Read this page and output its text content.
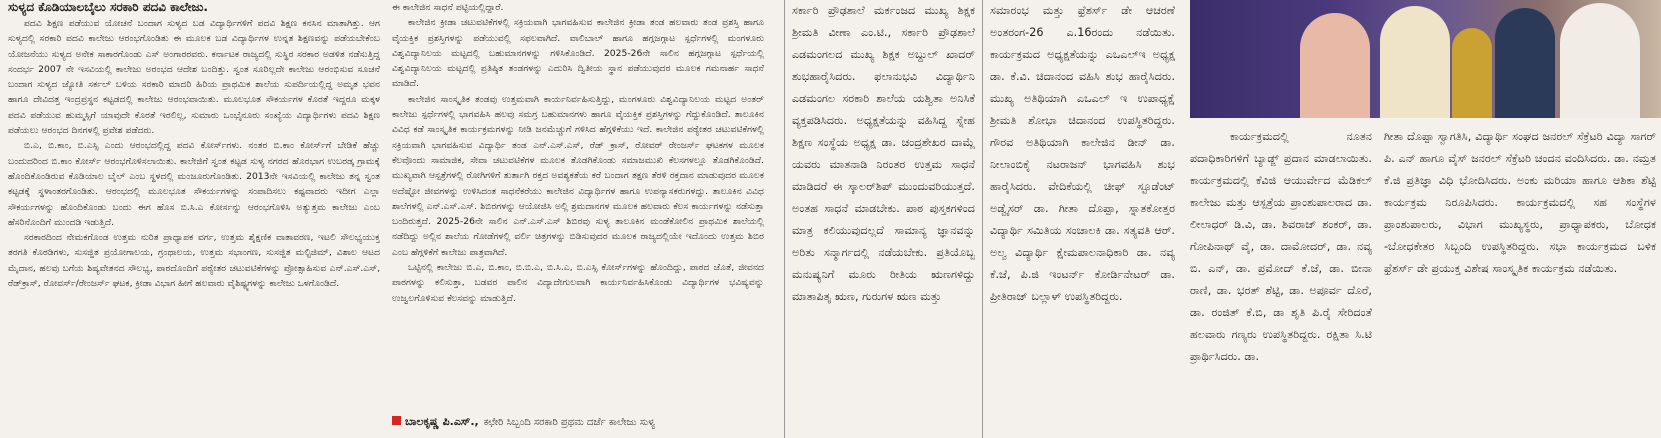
ಸುಳ್ಯದ ಕೊಡಿಯಾಲಬೈಲು ಸರಕಾರಿ ಪದವಿ ಕಾಲೇಜು.

ಪದವಿ ಶಿಕ್ಷಣ ಪಡೆಯುವ ಯೋಚನೆ ಬಂದಾಗ ಸುಳ್ಯದ ಬಡ ವಿದ್ಯಾರ್ಥಿಗಳಿಗೆ ಪದವಿ ಶಿಕ್ಷಣ ಕನಸಿನ ಮಾತಾಗಿತ್ತು. ಆಗ ಸುಳ್ಯದಲ್ಲಿ ಸರಕಾರಿ ಪದವಿ ಕಾಲೇಜು ಆರಂಭಗೊಂಡಿತು ಈ ಮೂಲಕ ಬಡ ವಿದ್ಯಾರ್ಥಿಗಳ ಉನ್ನತ ಶಿಕ್ಷಣವನ್ನು ಪಡೆಯಬೇಕೆಂಬ ಯೋಜನೆಯು ಸುಳ್ಯದ ಅನೇಕ ಸಾಕಾರಗೊಂಡು ಎಸ್ ಅಂಗಾರರವರು. ಕರ್ನಾಟಕ ರಾಜ್ಯದಲ್ಲಿ ಸುಸ್ಥಿರ ಸರಕಾರ ಅಡಳಿತ ನಡೆಸುತ್ತಿದ್ದ ಸಂದರ್ಭ 2007 ನೇ ಇಸವಿಯಲ್ಲಿ ಕಾಲೇಜು ಅರಂಭದ ಆದೇಶ ಬಂದಿತ್ತು. ಸ್ವಂತ ಸೂರಿಲ್ಲದೇ ಕಾಲೇಜು ಆರಂಭಿಸುವ ಸೂಚನೆ ಬಂದಾಗ ಸುಳ್ಯದ ಜ್ಯೋತಿ ಸರ್ಕಲ್ ಬಳಿಯ ಸರಕಾರಿ ಮಾದರಿ ಹಿರಿಯ ಪ್ರಾಥಮಿಕ ಶಾಲೆಯ ಸುಪರ್ದಿಯಲ್ಲಿದ್ದ ಅಮೃತ ಭವನ ಹಾಗೂ ದೇವಿದತ್ತ ಇಂದ್ರಪ್ರಸ್ಥನ ಕಟ್ಟಡದಲ್ಲಿ ಕಾಲೇಜು ಆರಂಭವಾಯಿತು. ಮೂಲಭೂತ ಸೌಕರ್ಯಗಳ ಕೊರತೆ ಇದ್ದರೂ ಮಕ್ಕಳ ಪದವಿ ಪಡೆಯುವ ಹುಮ್ಮಸ್ಸಿಗೆ ಯಾವುದೇ ಕೊರತೆ ಇರಲಿಲ್ಲ, ಸುಮಾರು ಒಂಭೈನೂರು ಸಂಖ್ಯೆಯ ವಿದ್ಯಾರ್ಥಿಗಳು ಪದವಿ ಶಿಕ್ಷಣ ಪಡೆಯಲು ಆರಂಭದ ದಿನಗಳಲ್ಲಿ ಪ್ರವೇಶ ಪಡೆದರು.

ಬಿ.ಎ, ಬಿ.ಕಾಂ, ಬಿ.ಎಸ್ಸಿ ಎಂದು ಆರಂಭದಲ್ಲಿದ್ದ ಪದವಿ ಕೋರ್ಸ್‌ಗಳು. ನಂತರ ಬಿ.ಕಾಂ ಕೋರ್ಸ್‌ಗೆ ಬೇಡಿಕೆ ಹೆಚ್ಚು ಬಂದುದರಿಂದ ಬಿ.ಕಾಂ ಕೋರ್ಸ್ ಆರಂಭಗೊಳಿಸಲಾಯಿತು. ಕಾಲೇಜಿಗೆ ಸ್ವಂತ ಕಟ್ಟಡ ಸುಳ್ಯ ನಗರದ ಹೊರಭಾಗ ಉಬರಡ್ಕ ಗ್ರಾಮಕ್ಕೆ ಹೊಂದಿಕೊಂಡಿರುವ ಕೊಡಿಯಾಲ ಬೈಲ್ ಎಂಬ ಸ್ಥಳದಲ್ಲಿ ಮಂಜೂರುಗೊಂಡಿತು. 2013ನೇ ಇಸವಿಯಲ್ಲಿ ಕಾಲೇಜು ತನ್ನ ಸ್ವಂತ ಕಟ್ಟಡಕ್ಕೆ ಸ್ಥಳಾಂತರಗೊಂಡಿತು. ಆರಂಭದಲ್ಲಿ ಮೂಲಭೂತ ಸೌಕರ್ಯಗಳನ್ನು ಸಂಪಾದಿಸಲು ಕಷ್ಟವಾದರು ಇದೀಗ ಎಲ್ಲಾ ಸೌಕರ್ಯಗಳನ್ನು ಹೊಂದಿಕೊಂಡು ಬಂದು ಈಗ ಹೊಸ ಬಿ.ಸಿ.ಎ ಕೋರ್ಸನ್ನು ಆರಂಭಗೊಳಿಸಿ ಅತ್ಯುತ್ತಮ ಕಾಲೇಜು ಎಂಬ ಹೆಸರಿನೊಂದಿಗೆ ಮುಂದಡಿ ಇಡುತ್ತಿದೆ.

ಸರಕಾರದಿಂದ ನೇಮಕಗೊಂಡ ಉತ್ತಮ ನುರಿತ ಪ್ರಾಧ್ಯಾಪಕ ವರ್ಗ, ಉತ್ತಮ ಶೈಕ್ಷಣಿಕ ವಾತಾವರಣ, ಇಟಲಿ ಸೌಲಭ್ಯಯುಕ್ತ ತರಗತಿ ಕೊಠಡಿಗಳು, ಸುಸಜ್ಜಿತ ಪ್ರಯೋಗಾಲಯ, ಗ್ರಂಥಾಲಯ, ಉತ್ತಮ ಸಭಾಂಗಣ, ಸುಸಜ್ಜಿತ ಮಲ್ಟಿಜಿಮ್, ವಿಶಾಲ ಆಟದ ಮೈದಾನ, ಹಲವು ಬಗೆಯ ಶಿಷ್ಯವೇತನದ ಸೌಲಭ್ಯ, ಪಾಠದೊಂದಿಗೆ ಪಠ್ಯೇತರ ಚಟುವಟಿಕೆಗಳನ್ನು ಪ್ರೋತ್ಸಾಹಿಸುವ ಎನ್.ಎಸ್.ಎಸ್, ರೆಡ್‌ಕ್ರಾಸ್, ರೋವರ್ಸ್/ರೇಂಜರ್ಸ್ ಘಟಕ, ಕ್ರೀಡಾ ವಿಭಾಗ ಹೀಗೆ ಹಲವಾರು ವೈಶಿಷ್ಟ್ಯಗಳನ್ನು ಕಾಲೇಜು ಒಳಗೊಂಡಿದೆ.

ಈ ಕಾಲೇಜಿನ ಸಾಧನೆ ಪಟ್ಟಿಯಲ್ಲಿದ್ದಾರೆ.

ಕಾಲೇಜಿನ ಕ್ರೀಡಾ ಚಟುವಟಿಕೆಗಳಲ್ಲಿ ಸಕ್ರಿಯವಾಗಿ ಭಾಗವಹಿಸುವ ಕಾಲೇಜಿನ ಕ್ರೀಡಾ ತಂಡ ಹಲವಾರು ತಂಡ ಪ್ರಶಸ್ತಿ ಹಾಗೂ ವೈಯಕ್ತಿಕ ಪ್ರಶಸ್ತಿಗಳನ್ನು ಪಡೆಯುವಲ್ಲಿ ಸಫಲವಾಗಿದೆ. ವಾಲಿಬಾಲ್ ಹಾಗೂ ಹಗ್ಗಜಗ್ಗಾಟ ಸ್ಪರ್ಧೆಗಳಲ್ಲಿ ಮಂಗಳೂರು ವಿಶ್ವವಿದ್ಯಾನಿಲಯ ಮಟ್ಟದಲ್ಲಿ ಬಹುಮಾನಗಳನ್ನು ಗಳಿಸಿಕೊಂಡಿದೆ. 2025-26ನೇ ಸಾಲಿನ ಹಗ್ಗಜಗ್ಗಾಟ ಸ್ಪರ್ಧೆಯಲ್ಲಿ ವಿಶ್ವವಿದ್ಯಾನಿಲಯ ಮಟ್ಟದಲ್ಲಿ ಪ್ರತಿಷ್ಠಿತ ತಂಡಗಳನ್ನು ಎದುರಿಸಿ ದ್ವಿತೀಯ ಸ್ಥಾನ ಪಡೆಯುವುದರ ಮೂಲಕ ಗಮನಾರ್ಹ ಸಾಧನೆ ಮಾಡಿದೆ.

ಕಾಲೇಜಿನ ಸಾಂಸ್ಕೃತಿಕ ತಂಡವು ಉತ್ತಮವಾಗಿ ಕಾರ್ಯನಿರ್ವಹಿಸುತ್ತಿದ್ದು, ಮಂಗಳೂರು ವಿಶ್ವವಿದ್ಯಾನಿಲಯ ಮಟ್ಟದ ಅಂತರ್ ಕಾಲೇಜು ಸ್ಪರ್ಧೆಗಳಲ್ಲಿ ಭಾಗವಹಿಸಿ ಹಲವು ಸಮಗ್ರ ಬಹುಮಾನಗಳು ಹಾಗೂ ವೈಯಕ್ತಿಕ ಪ್ರಶಸ್ತಿಗಳನ್ನು ಗೆದ್ದುಕೊಂಡಿದೆ. ತಾಲೂಕಿನ ವಿವಿಧ ಕಡೆ ಸಾಂಸ್ಕೃತಿಕ ಕಾರ್ಯಕ್ರಮಗಳನ್ನು ನೀಡಿ ಜನಮೆಚ್ಚುಗೆ ಗಳಿಸಿದ ಹೆಗ್ಗಳಿಕೆಯು ಇದೆ. ಕಾಲೇಜಿನ ಪಠ್ಯೇತರ ಚಟುವಟಿಕೆಗಳಲ್ಲಿ ಸಕ್ರಿಯವಾಗಿ ಭಾಗವಹಿಸುವ ವಿದ್ಯಾರ್ಥಿ ತಂಡ ಎನ್.ಎಸ್.ಎಸ್, ರೆಡ್ ಕ್ರಾಸ್, ರೋವರ್ ರೇಂಜರ್ಸ್ ಘಟಕಗಳ ಮೂಲಕ ಕೆಲವೊಂದು ಸಾಮಾಜಿಕ, ಸೇವಾ ಚಟುವಟಿಕೆಗಳ ಮೂಲಕ ತೊಡಗಿಕೊಂಡು ಸಮಾಜಮುಖಿ ಕೆಲಸಗಳಲ್ಲೂ ತೊಡಗಿಕೊಂಡಿದೆ. ಮುಖ್ಯವಾಗಿ ಆಸ್ಪತ್ರೆಗಳಲ್ಲಿ ರೋಗಿಗಳಿಗೆ ತುರ್ತಾಗಿ ರಕ್ತದ ಅವಶ್ಯಕತೆಯ ಕರೆ ಬಂದಾಗ ತಕ್ಷಣ ತೆರಳಿ ರಕ್ತದಾನ ಮಾಡುವುದರ ಮೂಲಕ ಅದೆಷ್ಟೋ ಜೀವಗಳನ್ನು ಉಳಿಸಿದಂತ ಸಾಧನೆಕರೆಯು ಕಾಲೇಜಿನ ವಿದ್ಯಾರ್ಥಿಗಳ ಹಾಗೂ ಉಪನ್ಯಾಸಕರುಗಳದ್ದು. ತಾಲೂಕಿನ ವಿವಿಧ ಶಾಲೆಗಳಲ್ಲಿ ಎನ್.ಎಸ್.ಎಸ್. ಶಿಬಿರಗಳನ್ನು ಆಯೋಜಿಸಿ ಅಲ್ಲಿ ಶ್ರಮದಾನಗಳ ಮೂಲಕ ಹಲವಾರು ಕೆಲಸ ಕಾರ್ಯಗಳನ್ನು ನಡೆಸುತ್ತಾ ಬಂದಿರುತ್ತದೆ. 2025-26ನೇ ಸಾಲಿನ ಎನ್.ಎಸ್.ಎಸ್ ಶಿಬಿರವು ಸುಳ್ಯ ತಾಲೂಕಿನ ಮಂಡೆಕೋಲಿನ ಪ್ರಾಥಮಿಕ ಶಾಲೆಯಲ್ಲಿ ನಡೆದಿದ್ದು ಅಲ್ಲಿನ ಶಾಲೆಯ ಗೋಡೆಗಳಲ್ಲಿ ವರ್ಲಿ ಚಿತ್ರಗಳನ್ನು ಬಿಡಿಸುವುದರ ಮೂಲಕ ರಾಜ್ಯದಲ್ಲಿಯೇ ಇದೊಂದು ಉತ್ತಮ ಶಿಬಿರ ಎಂಬ ಹೆಗ್ಗಳಿಕೆಗೆ ಕಾಲೇಜು ಪಾತ್ರವಾಗಿದೆ.

ಒಟ್ಟಿನಲ್ಲಿ ಕಾಲೇಜು ಬಿ.ಎ, ಬಿ.ಕಾಂ, ಬಿ.ಬಿ.ಎ, ಬಿ.ಸಿ.ಎ, ಬಿ.ಎಸ್ಸಿ ಕೋರ್ಸ್‌ಗಳನ್ನು ಹೊಂದಿದ್ದು, ಪಾಠದ ಜೊತೆ, ಜೀವನದ ಪಾಠಗಳನ್ನು ಕಲಿಸುತ್ತಾ, ಬಡವರ ಪಾಲಿನ ವಿದ್ಯಾದೇಗುಲವಾಗಿ ಕಾರ್ಯನಿರ್ವಹಿಸಿಕೊಂಡು ವಿದ್ಯಾರ್ಥಿಗಳ ಭವಿಷ್ಯವನ್ನು ಉಜ್ವಲಗೊಳಿಸುವ ಕೆಲಸವನ್ನು ಮಾಡುತ್ತಿದೆ.

ಬಾಲಕೃಷ್ಣ ಪಿ.ಎಸ್., ಕಛೇರಿ ಸಿಬ್ಬಂದಿ ಸರಕಾರಿ ಪ್ರಥಮ ದರ್ಜೆ ಕಾಲೇಜು ಸುಳ್ಯ

ಸರ್ಕಾರಿ ಪ್ರೌಢಶಾಲೆ ಮರ್ಕಂಜದ ಮುಖ್ಯ ಶಿಕ್ಷಕ ಶ್ರೀಮತಿ ವೀಣಾ ಎಂ.ಟಿ., ಸರ್ಕಾರಿ ಪ್ರೌಢಶಾಲೆ ಎಡಮಂಗಲದ ಮುಖ್ಯ ಶಿಕ್ಷಕ ಅಬ್ದುಲ್ ಖಾದರ್ ಶುಭಹಾರೈಸಿದರು. ಫಲಾನುಭವಿ ವಿದ್ಯಾರ್ಥಿನಿ ಎಡಮಂಗಲ ಸರಕಾರಿ ಶಾಲೆಯ ಯಶ್ವಿತಾ ಅನಿಸಿಕೆ ವ್ಯಕ್ತಪಡಿಸಿದರು. ಅಧ್ಯಕ್ಷತೆಯನ್ನು ವಹಿಸಿದ್ದ ಸ್ನೇಹ ಶಿಕ್ಷಣ ಸಂಸ್ಥೆಯ ಅಧ್ಯಕ್ಷ ಡಾ. ಚಂದ್ರಶೇಖರ ದಾಮ್ಲೆ ಯವರು ಮಾತನಾಡಿ ನಿರಂತರ ಉತ್ತಮ ಸಾಧನೆ ಮಾಡಿದರೆ ಈ ಸ್ಕಾಲರ್‌ಶಿಪ್ ಮುಂದುವರಿಯುತ್ತದೆ. ಅಂತಹ ಸಾಧನೆ ಮಾಡಬೇಕು. ಪಾಠ ಪುಸ್ತಕಗಳಿಂದ ಮಾತ್ರ ಕಲಿಯುವುದಲ್ಲದೆ ಸಾಮಾನ್ಯ ಜ್ಞಾನವನ್ನು ಅರಿತು ಸನ್ಮಾರ್ಗದಲ್ಲಿ ನಡೆಯಬೇಕು. ಪ್ರತಿಯೊಬ್ಬ ಮನುಷ್ಯನಿಗೆ ಮೂರು ರೀತಿಯ ಋಣಗಳಿದ್ದು ಮಾತಾಪಿತೃ ಋಣ, ಗುರುಗಳ ಋಣ ಮತ್ತು

ಸಮಾರಂಭ ಮತ್ತು ಫ್ರೆಶರ್ಸ್ ಡೇ ಆಚರಣೆ ಅಂತರಂಗ-26 ಎ.16ರಂದು ನಡೆಯಿತು. ಕಾರ್ಯಕ್ರಮದ ಅಧ್ಯಕ್ಷತೆಯನ್ನು ಎಒಎಲ್‌ಇ ಅಧ್ಯಕ್ಷ ಡಾ. ಕೆ.ವಿ. ಚಿದಾನಂದ ವಹಿಸಿ ಶುಭ ಹಾರೈಸಿದರು. ಮುಖ್ಯ ಅತಿಥಿಯಾಗಿ ಎಒಎಲ್ ಇ ಉಪಾಧ್ಯಕ್ಷೆ ಶ್ರೀಮತಿ ಶೋಭಾ ಚಿದಾನಂದ ಉಪಸ್ಥಿತರಿದ್ದರು. ಗೌರವ ಅತಿಥಿಯಾಗಿ ಕಾಲೇಜಿನ ಡೀನ್ ಡಾ. ನೀಲಾಂಬಿಕೈ ನಟರಾಜನ್ ಭಾಗವಹಿಸಿ ಶುಭ ಹಾರೈಸಿದರು. ವೇದಿಕೆಯಲ್ಲಿ ಚೀಫ್ ಸ್ಟೂಡೆಂಟ್ ಅಡ್ವೈಸರ್ ಡಾ. ಗೀತಾ ದೊಪ್ಪಾ, ಸ್ನಾತಕೋತ್ತರ ವಿದ್ಯಾರ್ಥಿ ಸಮಿತಿಯ ಸಂಚಾಲಕಿ ಡಾ. ಸತ್ಯವತಿ ಆರ್. ಅಲ್ವ ವಿದ್ಯಾರ್ಥಿ ಕ್ಷೇಮಪಾಲನಾಧಿಕಾರಿ ಡಾ. ನವ್ಯ ಕೆ.ಜೆ, ಪಿ.ಜಿ ಇಂಟರ್ನ್ ಕೋರ್ಡಿನೇಟರ್ ಡಾ. ಪ್ರೀತಿರಾಜ್ ಬಲ್ಲಾಳ್ ಉಪಸ್ಥಿತರಿದ್ದರು.

ಕಾರ್ಯಕ್ರಮದಲ್ಲಿ ನೂತನ ಪದಾಧಿಕಾರಿಗಳಿಗೆ ಬ್ಯಾಡ್ಜ್ ಪ್ರದಾನ ಮಾಡಲಾಯಿತು. ಕಾರ್ಯಕ್ರಮದಲ್ಲಿ ಕೆವಿಜಿ ಆಯುರ್ವೇದ ಮೆಡಿಕಲ್ ಕಾಲೇಜು ಮತ್ತು ಆಸ್ಪತ್ರೆಯ ಪ್ರಾಂಶುಪಾಲರಾದ ಡಾ. ಲೀಲಾಧರ್ ಡಿ.ವಿ, ಡಾ. ಶಿವರಾಜ್ ಶಂಕರ್, ಡಾ. ಗೋಪಿನಾಥ್ ವೈ, ಡಾ. ದಾಮೋದರ್, ಡಾ. ನವ್ಯ ಬಿ. ಎನ್, ಡಾ. ಪ್ರಮೋದ್ ಕೆ.ಜೆ, ಡಾ. ಬೀನಾ ರಾಣಿ, ಡಾ. ಭರತ್ ಶೆಟ್ಟಿ, ಡಾ. ಅಪೂರ್ವ ದೊರೆ, ಡಾ. ರಂಜಿತ್ ಕೆ.ಬಿ, ಡಾ ಶೃತಿ ಪಿ.ರೈ ಸೇರಿದಂತೆ ಹಲವಾರು ಗಣ್ಯರು ಉಪಸ್ಥಿತರಿದ್ದರು. ರಕ್ಷಿತಾ ಸಿ.ಟಿ ಪ್ರಾರ್ಥಿಸಿದರು. ಡಾ.

ಗೀತಾ ದೊಪ್ಪಾ ಸ್ವಾಗತಿಸಿ, ವಿದ್ಯಾರ್ಥಿ ಸಂಘದ ಜನರಲ್ ಸೆಕ್ರೆಟರಿ ವಿದ್ಯಾ ಸಾಗರ್ ಪಿ. ಎನ್ ಹಾಗೂ ವೈಸ್ ಜನರಲ್ ಸೆಕ್ರೆಟರಿ ಚಂದನ ವಂದಿಸಿದರು. ಡಾ. ನಮ್ರತ ಕೆ.ಜಿ ಪ್ರತಿಜ್ಞಾ ವಿಧಿ ಭೋದಿಸಿದರು. ಅಂಕು ಮರಿಯಾ ಹಾಗೂ ಆಶಿಕಾ ಶೆಟ್ಟಿ ಕಾರ್ಯಕ್ರಮ ನಿರೂಪಿಸಿದರು. ಕಾರ್ಯಕ್ರಮದಲ್ಲಿ ಸಹ ಸಂಸ್ಥೆಗಳ ಪ್ರಾಂಶುಪಾಲರು, ವಿಭಾಗ ಮುಖ್ಯಸ್ಥರು, ಪ್ರಾಧ್ಯಾಪಕರು, ಬೋಧಕ -ಬೋಧಕೇತರ ಸಿಬ್ಬಂದಿ ಉಪಸ್ಥಿತರಿದ್ದರು. ಸಭಾ ಕಾರ್ಯಕ್ರಮದ ಬಳಿಕ ಫ್ರೆಶರ್ಸ್ ಡೇ ಪ್ರಯುಕ್ತ ವಿಶೇಷ ಸಾಂಸ್ಕೃತಿಕ ಕಾರ್ಯಕ್ರಮ ನಡೆಯಿತು.
